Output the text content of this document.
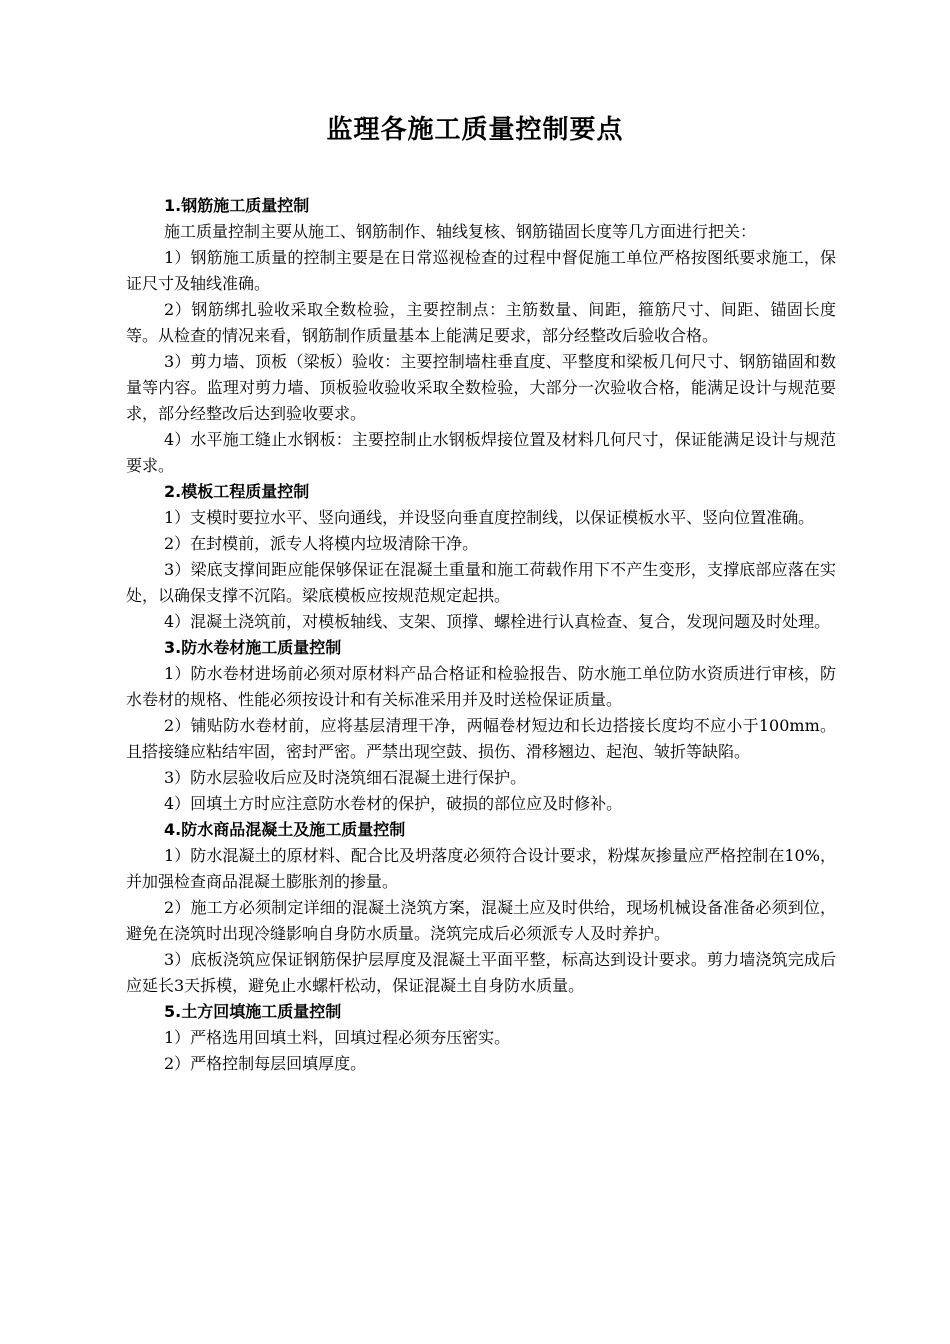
监理各施工质量控制要点

1.钢筋施工质量控制

施工质量控制主要从施工、钢筋制作、轴线复核、钢筋锚固长度等几方面进行把关：

1）钢筋施工质量的控制主要是在日常巡视检查的过程中督促施工单位严格按图纸要求施工，保证尺寸及轴线准确。

2）钢筋绑扎验收采取全数检验，主要控制点：主筋数量、间距，箍筋尺寸、间距、锚固长度等。从检查的情况来看，钢筋制作质量基本上能满足要求，部分经整改后验收合格。

3）剪力墙、顶板（梁板）验收：主要控制墙柱垂直度、平整度和梁板几何尺寸、钢筋锚固和数量等内容。监理对剪力墙、顶板验收验收采取全数检验，大部分一次验收合格，能满足设计与规范要求，部分经整改后达到验收要求。

4）水平施工缝止水钢板：主要控制止水钢板焊接位置及材料几何尺寸，保证能满足设计与规范要求。

2.模板工程质量控制

1）支模时要拉水平、竖向通线，并设竖向垂直度控制线，以保证模板水平、竖向位置准确。

2）在封模前，派专人将模内垃圾清除干净。

3）梁底支撑间距应能保够保证在混凝土重量和施工荷载作用下不产生变形，支撑底部应落在实处，以确保支撑不沉陷。梁底模板应按规范规定起拱。

4）混凝土浇筑前，对模板轴线、支架、顶撑、螺栓进行认真检查、复合，发现问题及时处理。

3.防水卷材施工质量控制

1）防水卷材进场前必须对原材料产品合格证和检验报告、防水施工单位防水资质进行审核，防水卷材的规格、性能必须按设计和有关标准采用并及时送检保证质量。

2）铺贴防水卷材前，应将基层清理干净，两幅卷材短边和长边搭接长度均不应小于100mm。且搭接缝应粘结牢固，密封严密。严禁出现空鼓、损伤、滑移翘边、起泡、皱折等缺陷。

3）防水层验收后应及时浇筑细石混凝土进行保护。

4）回填土方时应注意防水卷材的保护，破损的部位应及时修补。

4.防水商品混凝土及施工质量控制

1）防水混凝土的原材料、配合比及坍落度必须符合设计要求，粉煤灰掺量应严格控制在10%，并加强检查商品混凝土膨胀剂的掺量。

2）施工方必须制定详细的混凝土浇筑方案，混凝土应及时供给，现场机械设备准备必须到位，避免在浇筑时出现冷缝影响自身防水质量。浇筑完成后必须派专人及时养护。

3）底板浇筑应保证钢筋保护层厚度及混凝土平面平整，标高达到设计要求。剪力墙浇筑完成后应延长3天拆模，避免止水螺杆松动，保证混凝土自身防水质量。

5.土方回填施工质量控制

1）严格选用回填土料，回填过程必须夯压密实。

2）严格控制每层回填厚度。
